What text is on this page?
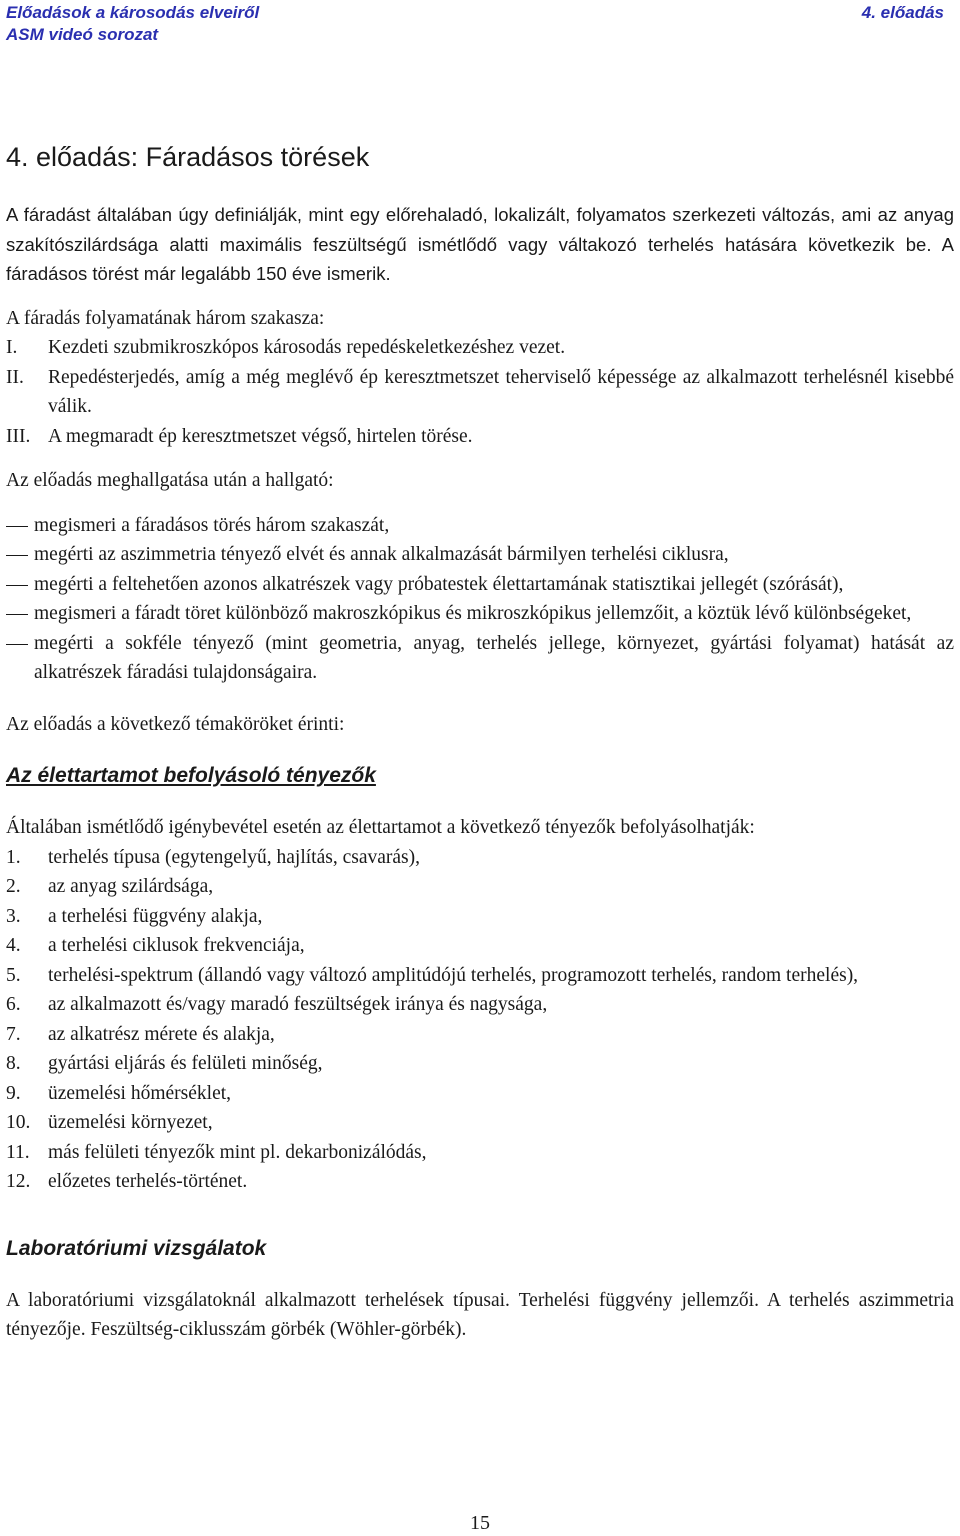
Előadások a károsodás elveiről
ASM videó sorozat
4. előadás
4. előadás: Fáradásos törések

A fáradást általában úgy definiálják, mint egy előrehaladó, lokalizált, folyamatos szerkezeti változás, ami az anyag szakítószilárdsága alatti maximális feszültségű ismétlődő vagy váltakozó terhelés hatására következik be. A fáradásos törést már legalább 150 éve ismerik.

A fáradás folyamatának három szakasza:

I.	Kezdeti szubmikroszkópos károsodás repedéskeletkezéshez vezet.
II.	Repedésterjedés, amíg a még meglévő ép keresztmetszet teherviselő képessége az alkalmazott terhelésnél kisebbé válik.
III. A megmaradt ép keresztmetszet végső, hirtelen törése.

Az előadás meghallgatása után a hallgató:

megismeri a fáradásos törés három szakaszát,
megérti az aszimmetria tényező elvét és annak alkalmazását bármilyen terhelési ciklusra,
megérti a feltehetően azonos alkatrészek vagy próbatestek élettartamának statisztikai jellegét (szórását),
megismeri a fáradt töret különböző makroszkópikus és mikroszkópikus jellemzőit, a köztük lévő különbségeket,
megérti a sokféle tényező (mint geometria, anyag, terhelés jellege, környezet, gyártási folyamat) hatását az alkatrészek fáradási tulajdonságaira.

Az előadás a következő témaköröket érinti:

Az élettartamot befolyásoló tényezők

Általában ismétlődő igénybevétel esetén az élettartamot a következő tényezők befolyásolhatják:

1.	terhelés típusa (egytengelyű, hajlítás, csavarás),
2.	az anyag szilárdsága,
3.	a terhelési függvény alakja,
4.	a terhelési ciklusok frekvenciája,
5.	terhelési-spektrum (állandó vagy változó amplitúdójú terhelés, programozott terhelés, random terhelés),
6.	az alkalmazott és/vagy maradó feszültségek iránya és nagysága,
7.	az alkatrész mérete és alakja,
8.	gyártási eljárás és felületi minőség,
9.	üzemelési hőmérséklet,
10. üzemelési környezet,
11. más felületi tényezők mint pl. dekarbonizálódás,
12. előzetes terhelés-történet.
Laboratóriumi vizsgálatok

A laboratóriumi vizsgálatoknál alkalmazott terhelések típusai. Terhelési függvény jellemzői. A terhelés aszimmetria tényezője. Feszültség-ciklusszám görbék (Wöhler-görbék).

15
